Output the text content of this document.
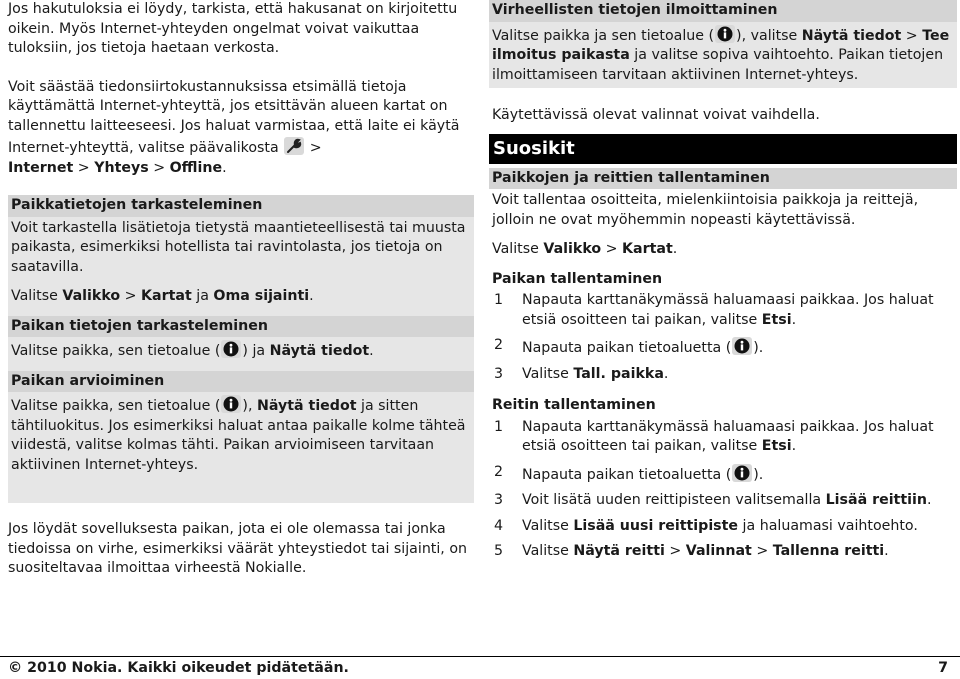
Jos hakutuloksia ei löydy, tarkista, että hakusanat on kirjoitettu oikein. Myös Internet-yhteyden ongelmat voivat vaikuttaa tuloksiin, jos tietoja haetaan verkosta.

Voit säästää tiedonsiirtokustannuksissa etsimällä tietoja käyttämättä Internet-yhteyttä, jos etsittävän alueen kartat on tallennettu laitteeseesi. Jos haluat varmistaa, että laite ei käytä Internet-yhteyttä, valitse päävalikosta  >
Internet > Yhteys > Offline.

Paikkatietojen tarkasteleminen

Voit tarkastella lisätietoja tietystä maantieteellisestä tai muusta paikasta, esimerkiksi hotellista tai ravintolasta, jos tietoja on saatavilla.

Valitse Valikko > Kartat ja Oma sijainti.

Paikan tietojen tarkasteleminen

Valitse paikka, sen tietoalue ( ) ja Näytä tiedot.

Paikan arvioiminen

Valitse paikka, sen tietoalue ( ), Näytä tiedot ja sitten tähtiluokitus. Jos esimerkiksi haluat antaa paikalle kolme tähteä viidestä, valitse kolmas tähti. Paikan arvioimiseen tarvitaan aktiivinen Internet-yhteys.

Jos löydät sovelluksesta paikan, jota ei ole olemassa tai jonka tiedoissa on virhe, esimerkiksi väärät yhteystiedot tai sijainti, on suositeltavaa ilmoittaa virheestä Nokialle.

Virheellisten tietojen ilmoittaminen

Valitse paikka ja sen tietoalue ( ), valitse Näytä tiedot > Tee ilmoitus paikasta ja valitse sopiva vaihtoehto. Paikan tietojen ilmoittamiseen tarvitaan aktiivinen Internet-yhteys.

Käytettävissä olevat valinnat voivat vaihdella.

Suosikit
Paikkojen ja reittien tallentaminen

Voit tallentaa osoitteita, mielenkiintoisia paikkoja ja reittejä, jolloin ne ovat myöhemmin nopeasti käytettävissä.

Valitse Valikko > Kartat.

Paikan tallentaminen

1	Napauta karttanäkymässä haluamaasi paikkaa. Jos haluat etsiä osoitteen tai paikan, valitse Etsi.
2	Napauta paikan tietoaluetta ( ).
3	Valitse Tall. paikka.

Reitin tallentaminen

1	Napauta karttanäkymässä haluamaasi paikkaa. Jos haluat etsiä osoitteen tai paikan, valitse Etsi.
2	Napauta paikan tietoaluetta ( ).
3	Voit lisätä uuden reittipisteen valitsemalla Lisää reittiin.
4	Valitse Lisää uusi reittipiste ja haluamasi vaihtoehto.
5	Valitse Näytä reitti > Valinnat > Tallenna reitti.
© 2010 Nokia. Kaikki oikeudet pidätetään.	7
